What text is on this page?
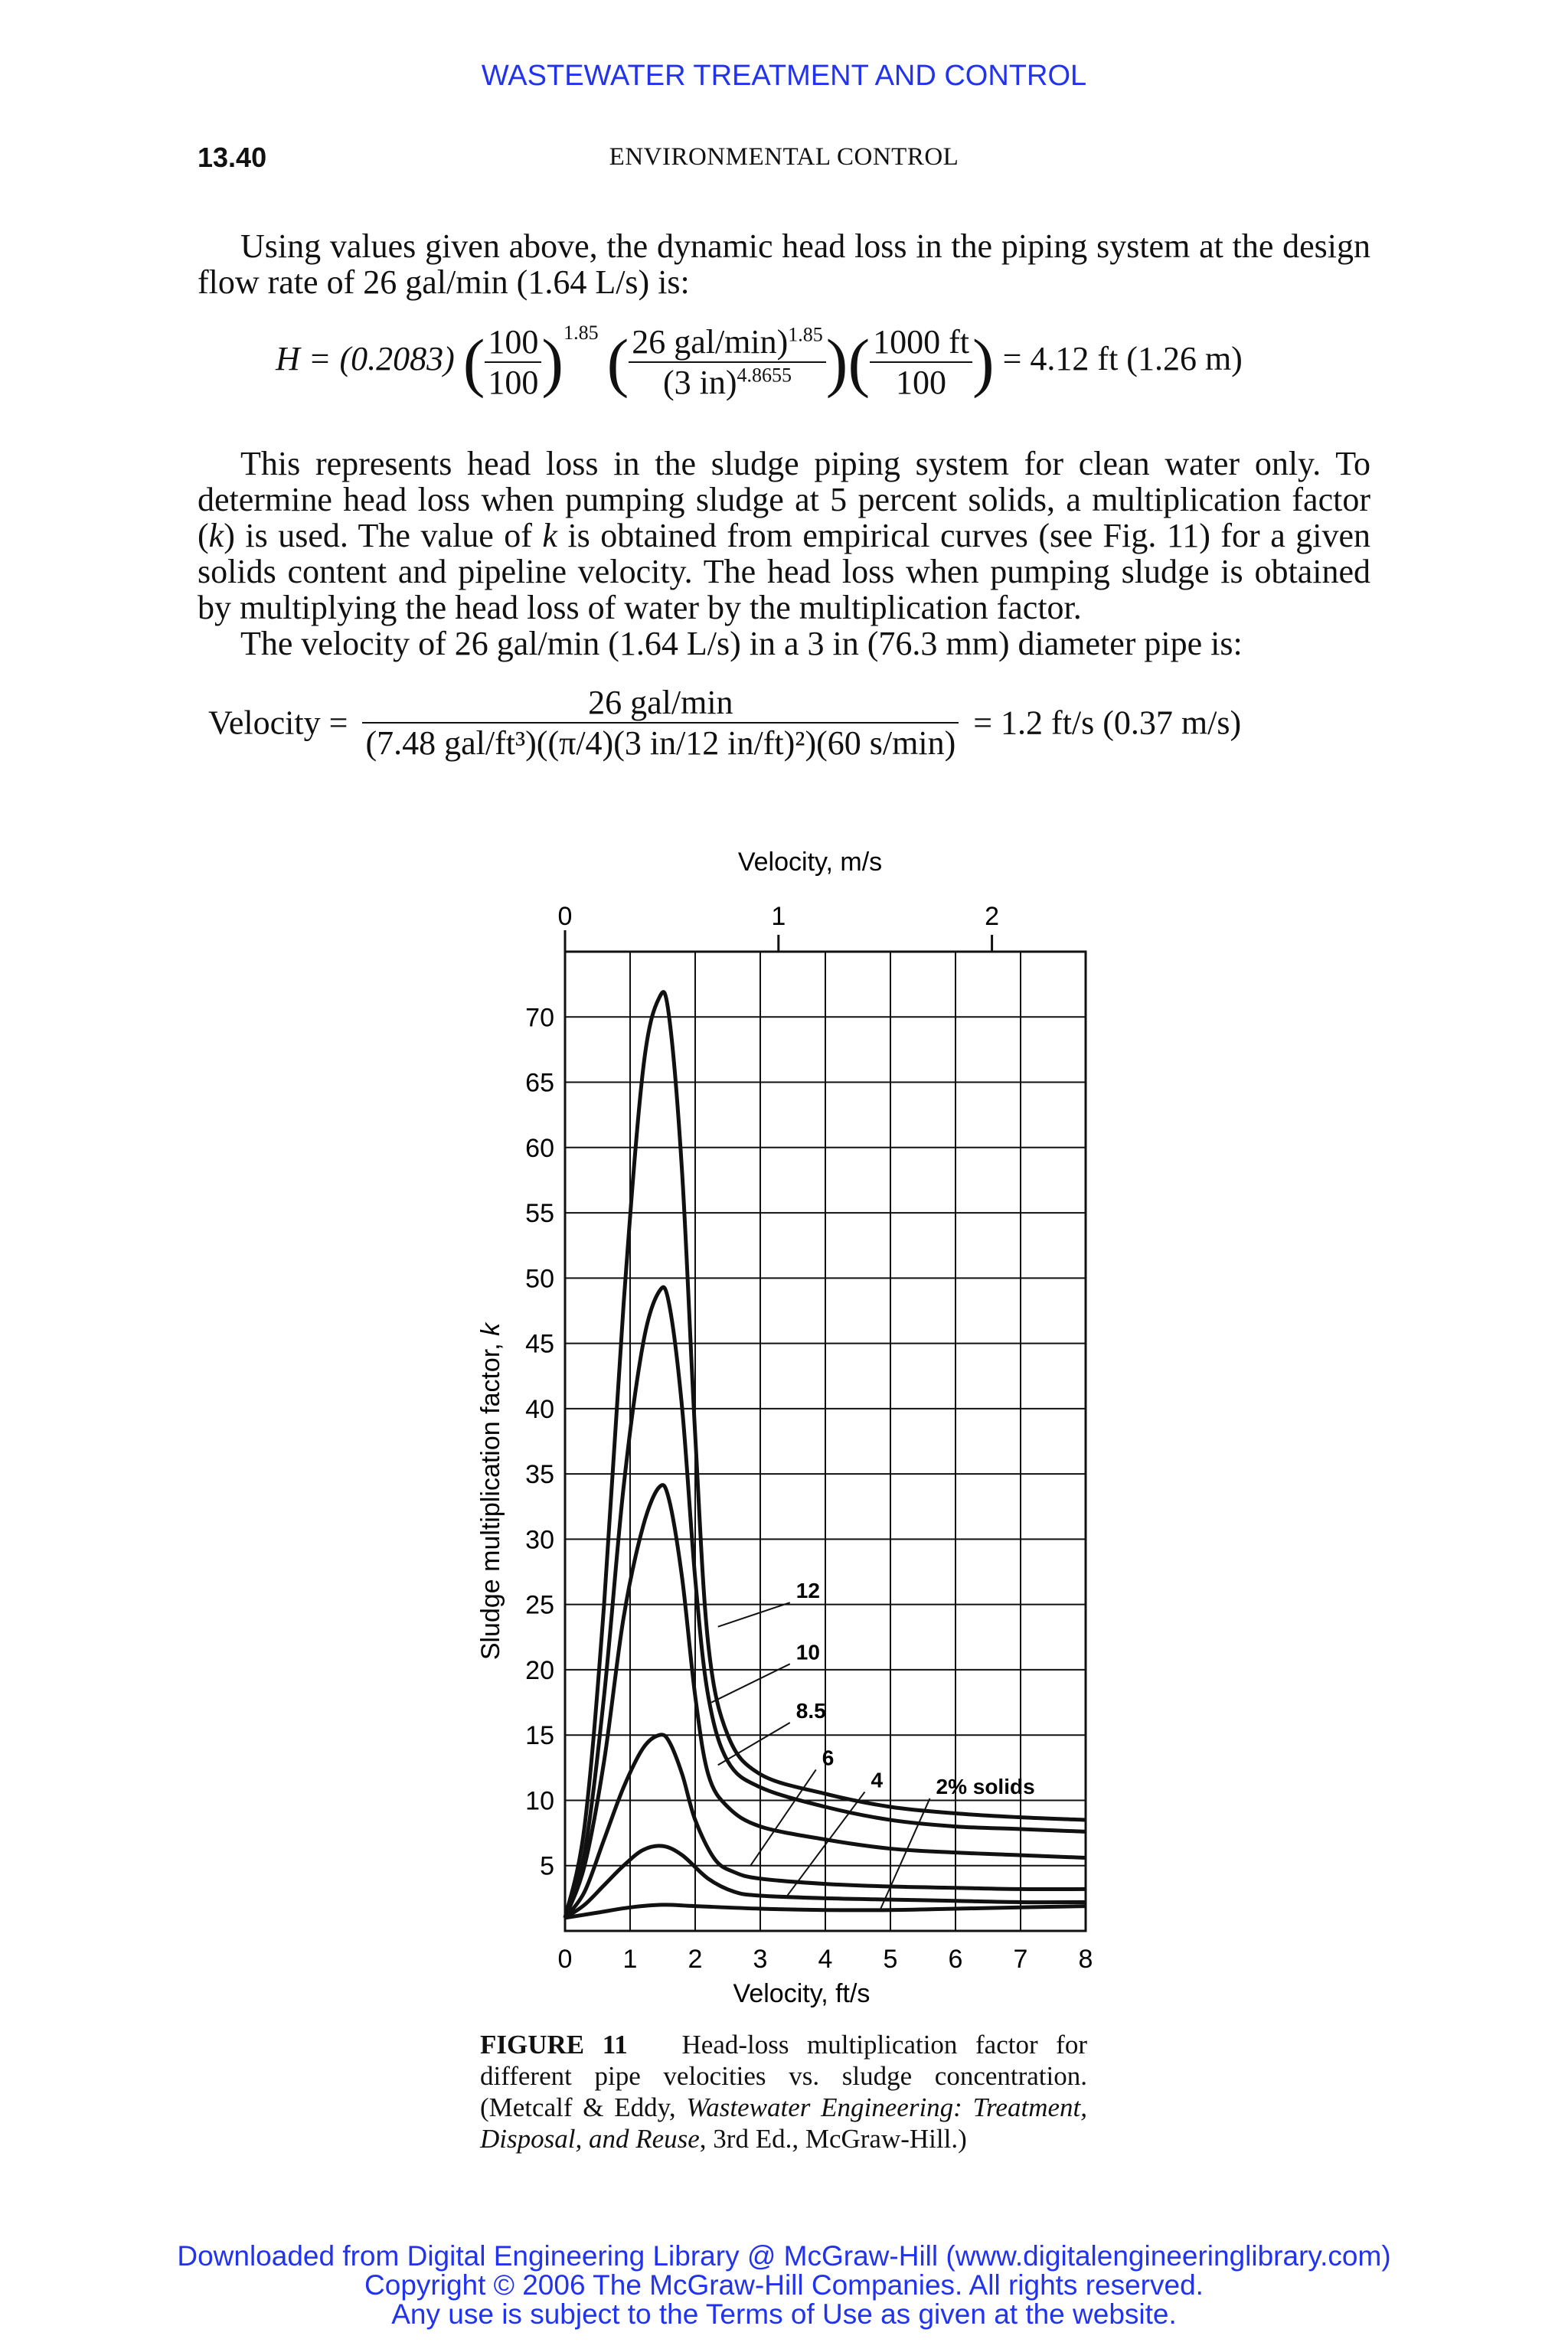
WASTEWATER TREATMENT AND CONTROL
13.40	ENVIRONMENTAL CONTROL

Using values given above, the dynamic head loss in the piping system at the design flow rate of 26 gal/min (1.64 L/s) is:

H = (0.2083) ( $\frac{100}{100} )^{1.85}$ ( $\frac{26 gal/\min)^{1.85}}{(3 in)^{4.8655}}$ )( $\frac{1000 ft}{100}$ ) = 4.12 ft (1.26 m)

This represents head loss in the sludge piping system for clean water only. To determine head loss when pumping sludge at 5 percent solids, a multiplication factor (k) is used. The value of k is obtained from empirical curves (see Fig. 11) for a given solids content and pipeline velocity. The head loss when pumping sludge is obtained by multiplying the head loss of water by the multiplication factor.

The velocity of 26 gal/min (1.64 L/s) in a 3 in (76.3 mm) diameter pipe is:

Velocity = $\frac{\text{26 gal/min}}{\text{(7.48 gal/ft³)((π/4)(3 in/12 in/ft)²)(60 s/min)}} = 1.2$ ft/s (0.37 m/s)
0 1 2 3 4 5 6 7 8
5
10
15
20
25
30
35
40
45
50
55
60
65
70
0	1	2
12
10
8.5
6
4 2% solids
Velocity, m/s
Velocity, ft/s
Sludge multiplication factor, k
FIGURE 11 Head-loss multiplication factor for different pipe velocities vs. sludge concentration. (Metcalf & Eddy, Wastewater Engineering: Treatment, Disposal, and Reuse, 3rd Ed., McGraw-Hill.)
Downloaded from Digital Engineering Library @ McGraw-Hill (www.digitalengineeringlibrary.com)
Copyright © 2006 The McGraw-Hill Companies. All rights reserved.
Any use is subject to the Terms of Use as given at the website.
